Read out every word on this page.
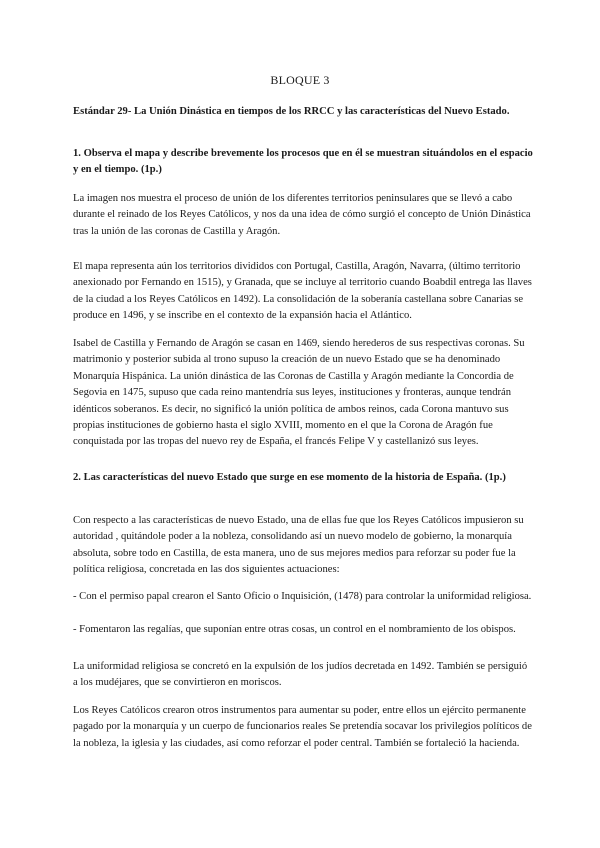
BLOQUE 3

Estándar 29- La Unión Dinástica en tiempos de los RRCC y las características del Nuevo Estado.

1. Observa el mapa y describe brevemente los procesos que en él se muestran situándolos en el espacio y en el tiempo. (1p.)

La imagen nos muestra el proceso de unión de los diferentes territorios peninsulares que se llevó a cabo durante el reinado de los Reyes Católicos, y nos da una idea de cómo surgió el concepto de Unión Dinástica tras la unión de las coronas de Castilla y Aragón.

El mapa representa aún los territorios divididos con Portugal, Castilla, Aragón, Navarra, (último territorio anexionado por Fernando en 1515), y Granada, que se incluye al territorio cuando Boabdil entrega las llaves de la ciudad a los Reyes Católicos en 1492). La consolidación de la soberanía castellana sobre Canarias se produce en 1496, y se inscribe en el contexto de la expansión hacia el Atlántico.

Isabel de Castilla y Fernando de Aragón se casan en 1469, siendo herederos de sus respectivas coronas. Su matrimonio y posterior subida al trono supuso la creación de un nuevo Estado que se ha denominado Monarquía Hispánica. La unión dinástica de las Coronas de Castilla y Aragón mediante la Concordia de Segovia en 1475, supuso que cada reino mantendría sus leyes, instituciones y fronteras, aunque tendrán idénticos soberanos. Es decir, no significó la unión política de ambos reinos, cada Corona mantuvo sus propias instituciones de gobierno hasta el siglo XVIII, momento en el que la Corona de Aragón fue conquistada por las tropas del nuevo rey de España, el francés Felipe V y castellanizó sus leyes.

2. Las características del nuevo Estado que surge en ese momento de la historia de España. (1p.)

Con respecto a las características de nuevo Estado, una de ellas fue que los Reyes Católicos impusieron su autoridad , quitándole poder a la nobleza, consolidando así un nuevo modelo de gobierno, la monarquía absoluta, sobre todo en Castilla, de esta manera, uno de sus mejores medios para reforzar su poder fue la política religiosa, concretada en las dos siguientes actuaciones:

- Con el permiso papal crearon el Santo Oficio o Inquisición, (1478) para controlar la uniformidad religiosa.

- Fomentaron las regalías, que suponían entre otras cosas, un control en el nombramiento de los obispos.

La uniformidad religiosa se concretó en la expulsión de los judíos decretada en 1492. También se persiguió a los mudéjares, que se convirtieron en moriscos.

Los Reyes Católicos crearon otros instrumentos para aumentar su poder, entre ellos un ejército permanente pagado por la monarquía y un cuerpo de funcionarios reales Se pretendía socavar los privilegios políticos de la nobleza, la iglesia y las ciudades, así como reforzar el poder central. También se fortaleció la hacienda.
